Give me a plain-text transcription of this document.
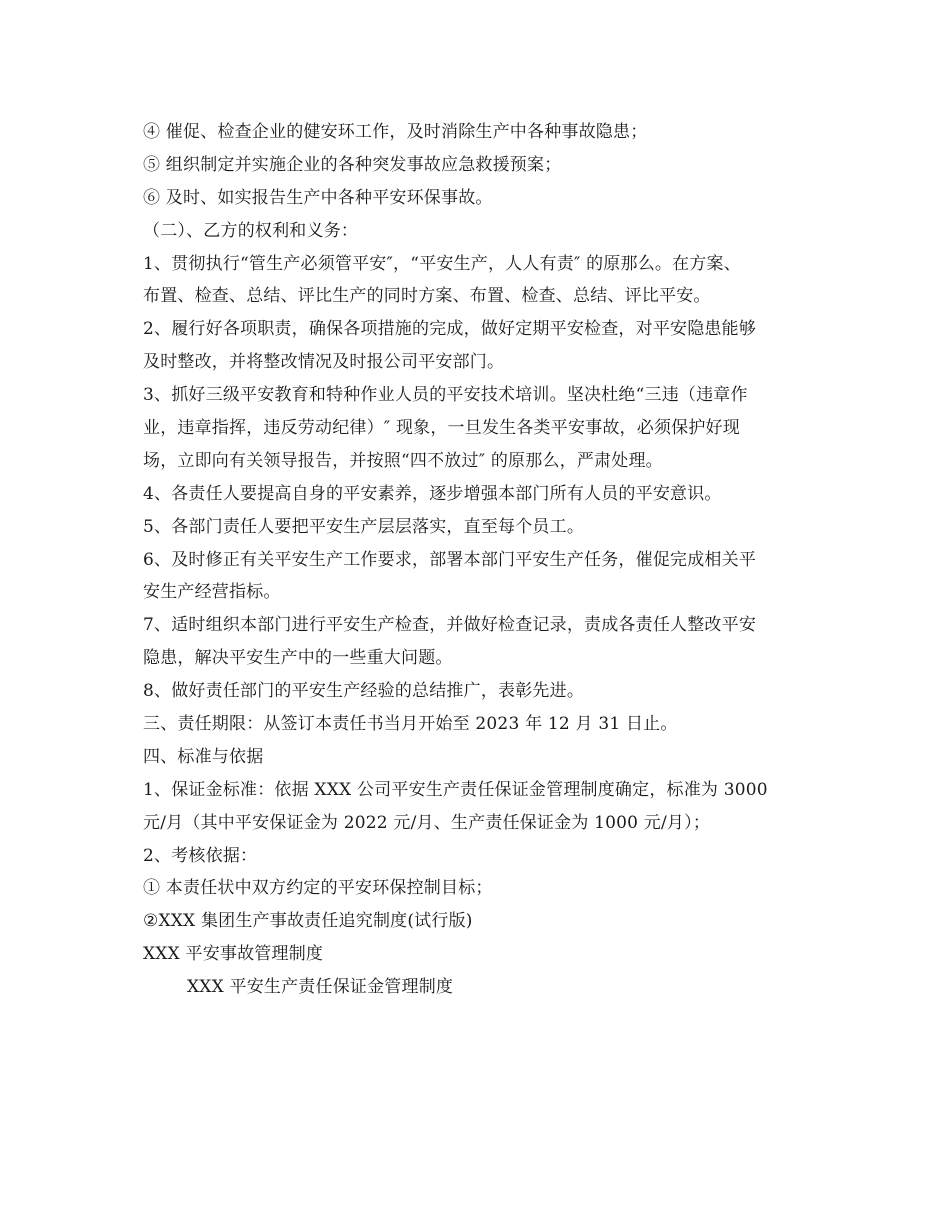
④ 催促、检查企业的健安环工作，及时消除生产中各种事故隐患；
⑤ 组织制定并实施企业的各种突发事故应急救援预案；
⑥ 及时、如实报告生产中各种平安环保事故。
（二）、乙方的权利和义务：
1、贯彻执行“管生产必须管平安″，“平安生产，人人有责″ 的原那么。在方案、
布置、检查、总结、评比生产的同时方案、布置、检查、总结、评比平安。
2、履行好各项职责，确保各项措施的完成，做好定期平安检查，对平安隐患能够
及时整改，并将整改情况及时报公司平安部门。
3、抓好三级平安教育和特种作业人员的平安技术培训。坚决杜绝“三违（违章作
业，违章指挥，违反劳动纪律）″ 现象，一旦发生各类平安事故，必须保护好现
场，立即向有关领导报告，并按照“四不放过″ 的原那么，严肃处理。
4、各责任人要提高自身的平安素养，逐步增强本部门所有人员的平安意识。
5、各部门责任人要把平安生产层层落实，直至每个员工。
6、及时修正有关平安生产工作要求，部署本部门平安生产任务，催促完成相关平
安生产经营指标。
7、适时组织本部门进行平安生产检查，并做好检查记录，责成各责任人整改平安
隐患，解决平安生产中的一些重大问题。
8、做好责任部门的平安生产经验的总结推广，表彰先进。
三、责任期限：从签订本责任书当月开始至 2023 年 12 月 31 日止。
四、标准与依据
1、保证金标准：依据 XXX 公司平安生产责任保证金管理制度确定，标准为 3000
元/月（其中平安保证金为 2022 元/月、生产责任保证金为 1000 元/月）；
2、考核依据：
① 本责任状中双方约定的平安环保控制目标；
②XXX 集团生产事故责任追究制度(试行版)
XXX 平安事故管理制度
XXX 平安生产责任保证金管理制度
